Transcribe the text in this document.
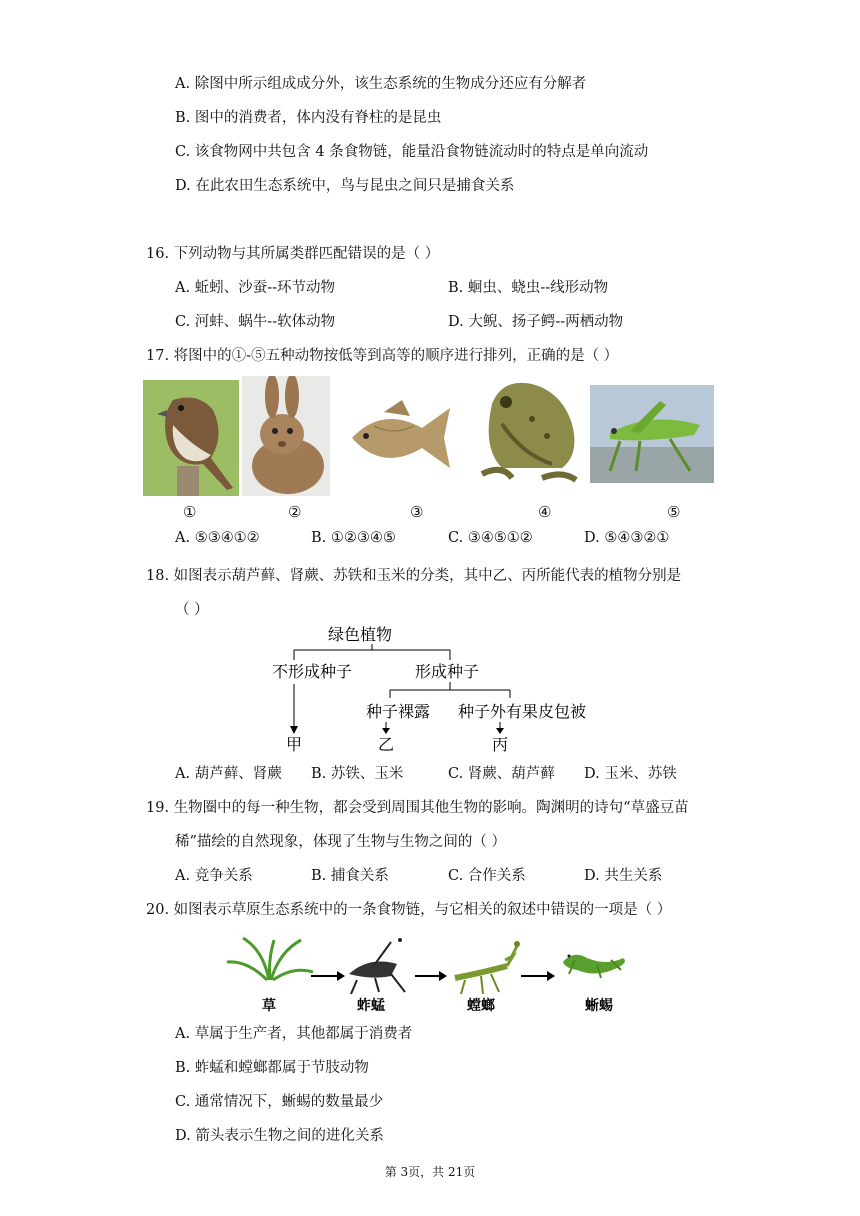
A. 除图中所示组成成分外，该生态系统的生物成分还应有分解者
B. 图中的消费者，体内没有脊柱的是昆虫
C. 该食物网中共包含 4 条食物链，能量沿食物链流动时的特点是单向流动
D. 在此农田生态系统中，鸟与昆虫之间只是捕食关系
16. 下列动物与其所属类群匹配错误的是（ ）
A. 蚯蚓、沙蚕--环节动物	B. 蛔虫、蛲虫--线形动物
C. 河蚌、蜗牛--软体动物	D. 大鲵、扬子鳄--两栖动物
17. 将图中的①-⑤五种动物按低等到高等的顺序进行排列，正确的是（ ）
①	②	③	④	⑤
A. ⑤③④①②	B. ①②③④⑤	C. ③④⑤①②	D. ⑤④③②①
18. 如图表示葫芦藓、肾蕨、苏铁和玉米的分类，其中乙、丙所能代表的植物分别是
（ ）
绿色植物
不形成种子	形成种子
种子裸露 种子外有果皮包被
甲	乙	丙
A. 葫芦藓、肾蕨 B. 苏铁、玉米	C. 肾蕨、葫芦藓 D. 玉米、苏铁
19. 生物圈中的每一种生物，都会受到周围其他生物的影响。陶渊明的诗句“草盛豆苗
稀”描绘的自然现象，体现了生物与生物之间的（ ）
A. 竞争关系	B. 捕食关系	C. 合作关系	D. 共生关系
20. 如图表示草原生态系统中的一条食物链，与它相关的叙述中错误的一项是（ ）
草	蚱蜢	螳螂	蜥蜴
A. 草属于生产者，其他都属于消费者
B. 蚱蜢和螳螂都属于节肢动物
C. 通常情况下，蜥蜴的数量最少
D. 箭头表示生物之间的进化关系
第 3页，共 21页
